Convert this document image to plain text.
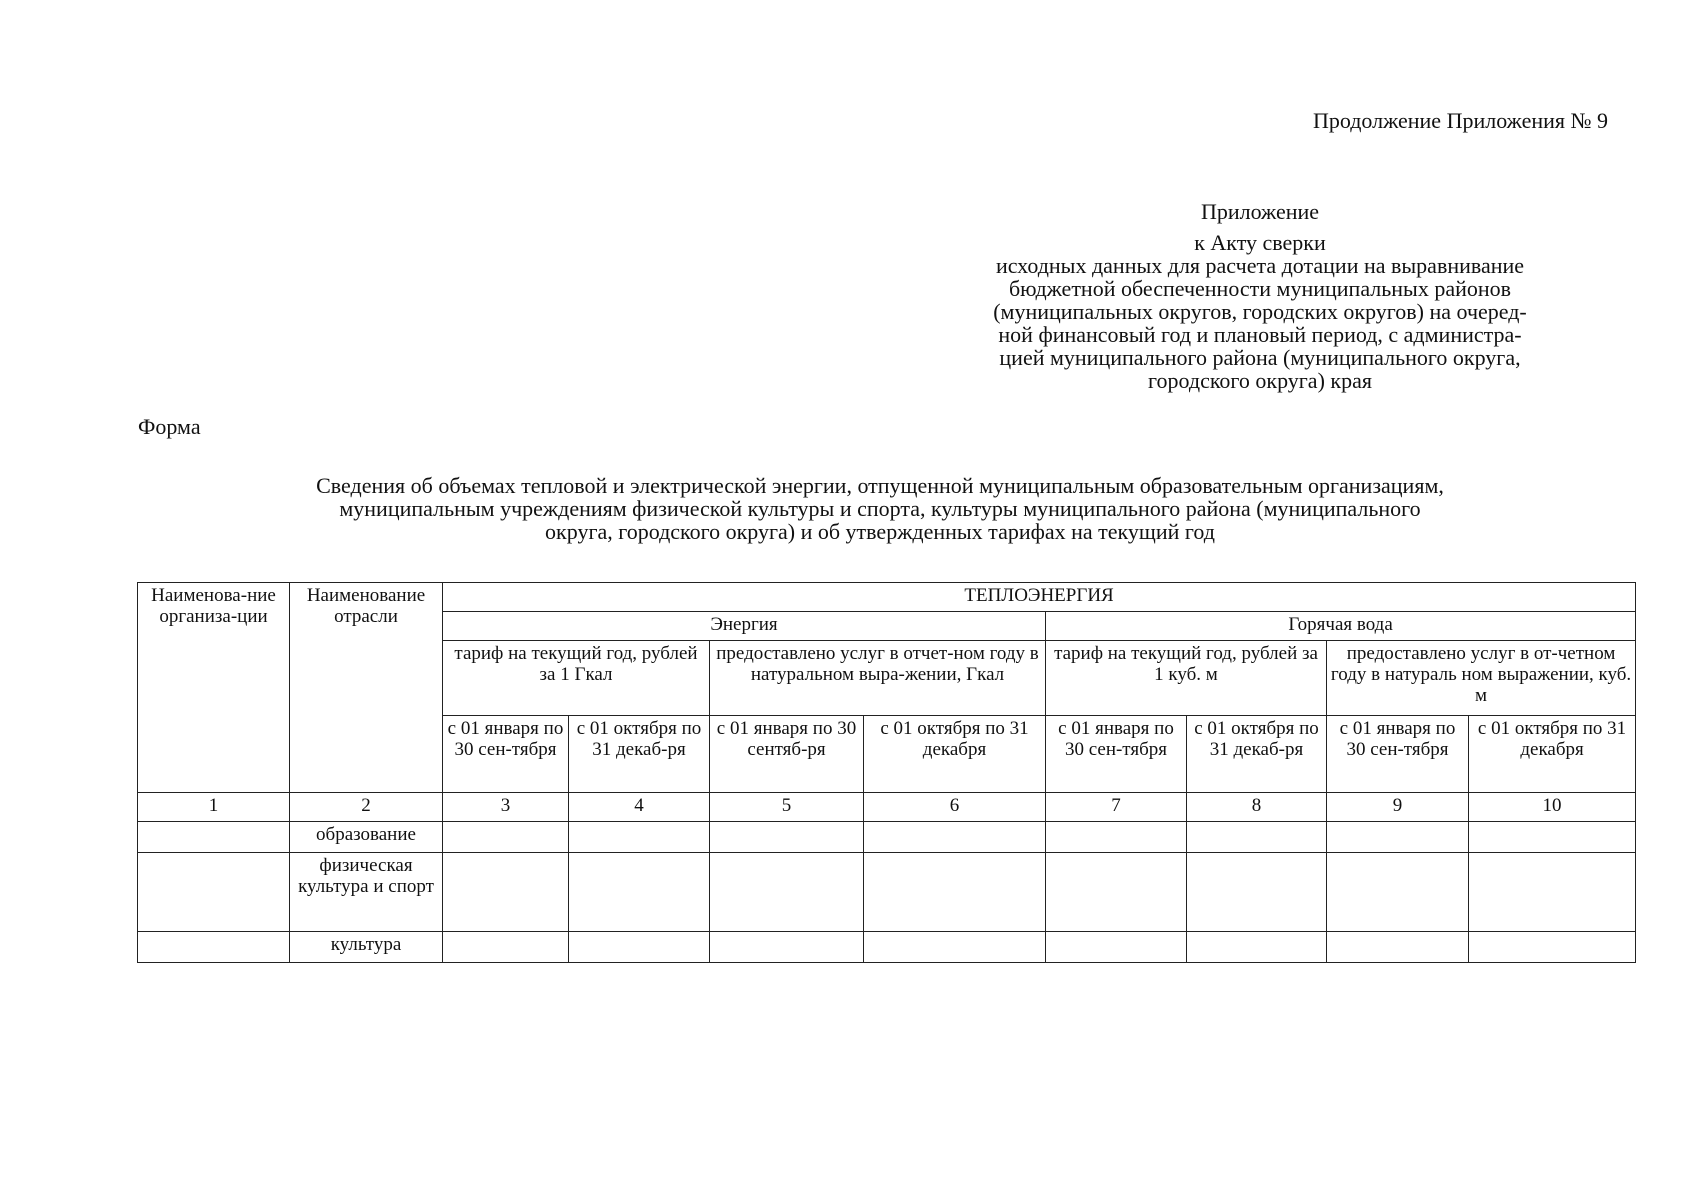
Продолжение Приложения № 9
Приложение
к Акту сверки
исходных данных для расчета дотации на выравнивание
бюджетной обеспеченности муниципальных районов
(муниципальных округов, городских округов) на очеред-
ной финансовый год и плановый период, с администра-
цией муниципального района (муниципального округа,
городского округа) края
Форма
Сведения об объемах тепловой и электрической энергии, отпущенной муниципальным образовательным организациям,
муниципальным учреждениям физической культуры и спорта, культуры муниципального района (муниципального
округа, городского округа) и об утвержденных тарифах на текущий год
Наименова-ние организа-ции	Наименование отрасли	ТЕПЛОЭНЕРГИЯ							
		Энергия				Горячая вода			
		тариф на текущий год, рублей за 1 Гкал		предоставлено услуг в отчет-ном году в натуральном выра-жении, Гкал		тариф на текущий год, рублей за 1 куб. м		предоставлено услуг в от-четном году в натураль ном выражении, куб. м	
		с 01 января по 30 сен-тября	с 01 октября по 31 декаб-ря	с 01 января по 30 сентяб-ря	с 01 октября по 31 декабря	с 01 января по 30 сен-тября	с 01 октября по 31 декаб-ря	с 01 января по 30 сен-тября	с 01 октября по 31 декабря
1	2	3	4	5	6	7	8	9	10
	образование								
	физическая культура и спорт								
	культура								
